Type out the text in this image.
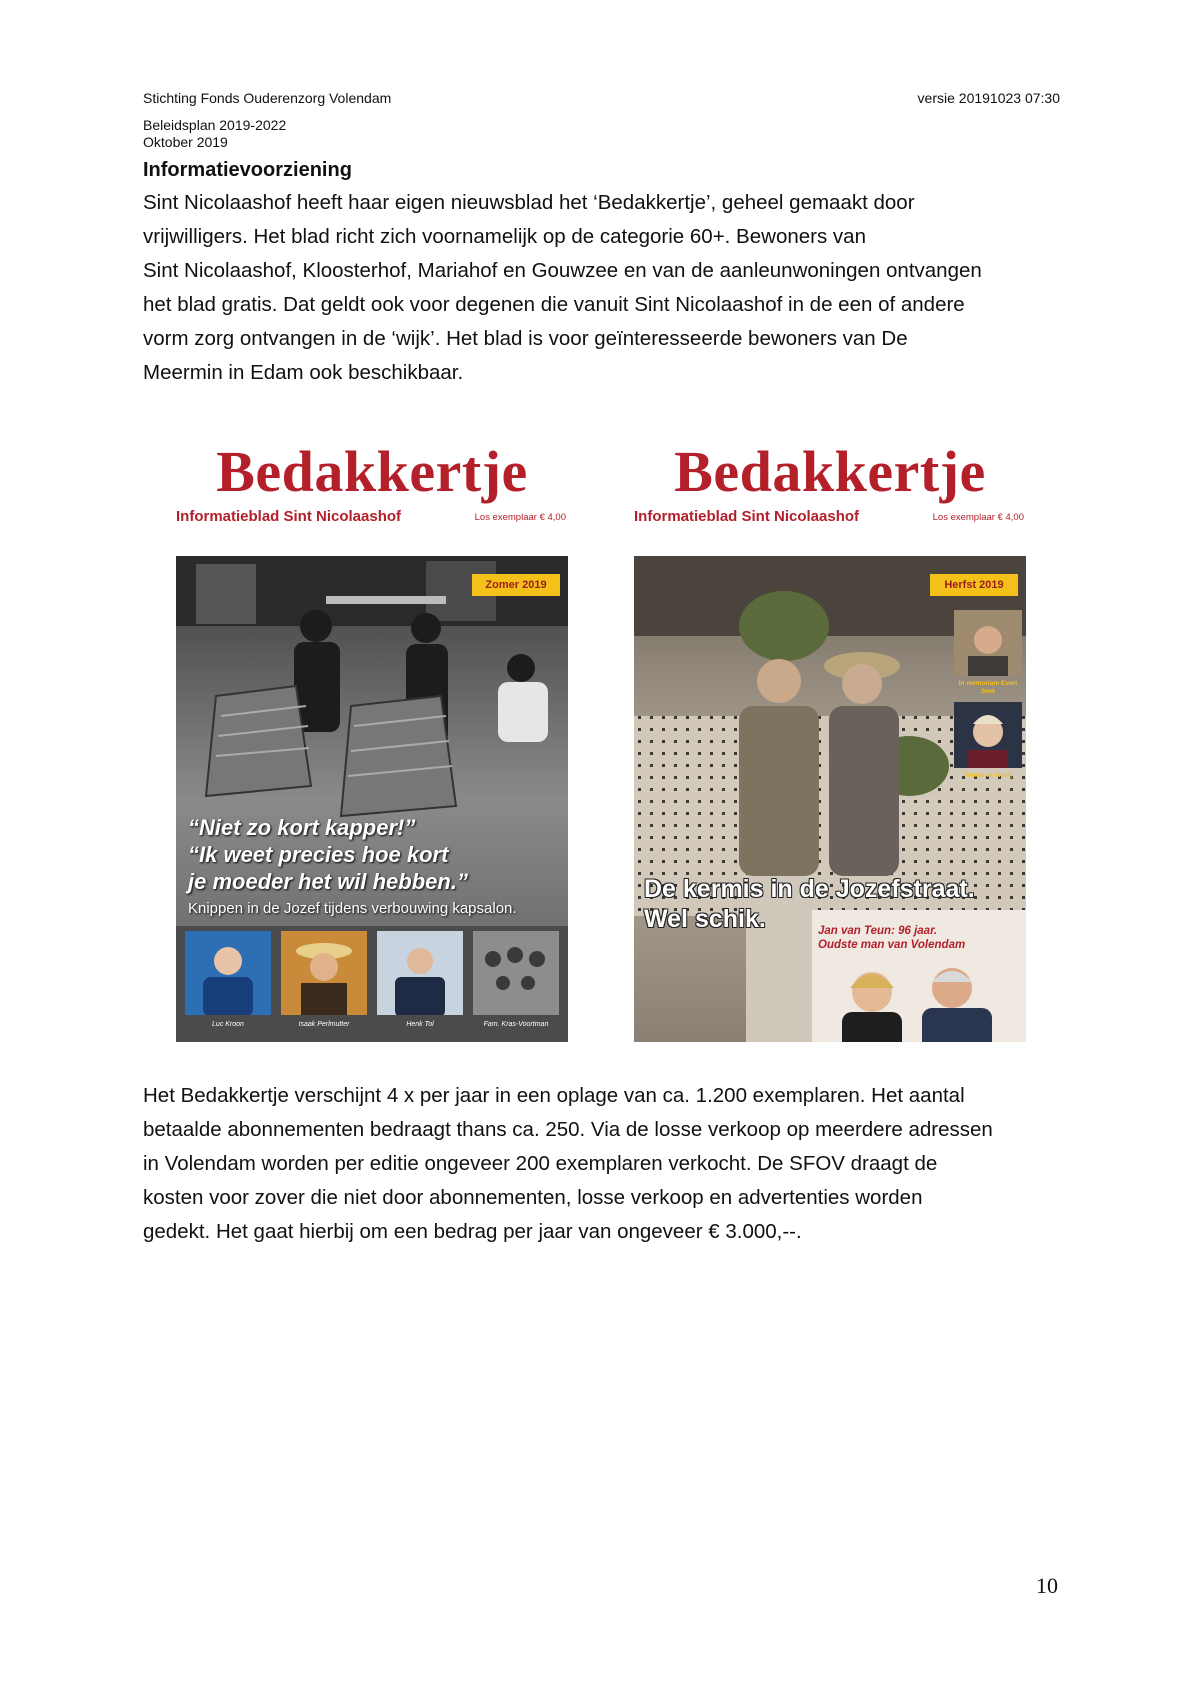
Stichting Fonds Ouderenzorg Volendam	versie 20191023 07:30
Beleidsplan 2019-2022
Oktober 2019
Informatievoorziening

Sint Nicolaashof heeft haar eigen nieuwsblad het ‘Bedakkertje’, geheel gemaakt door

vrijwilligers. Het blad richt zich voornamelijk op de categorie 60+. Bewoners van

Sint Nicolaashof, Kloosterhof, Mariahof en Gouwzee en van de aanleunwoningen ontvangen

het blad gratis. Dat geldt ook voor degenen die vanuit Sint Nicolaashof in de een of andere

vorm zorg ontvangen in de ‘wijk’. Het blad is voor geïnteresseerde bewoners van De

Meermin in Edam ook beschikbaar.

Bedakkertje
Informatieblad Sint Nicolaashof	Los exemplaar € 4,00
Zomer 2019
“Niet zo kort kapper!”
“Ik weet precies hoe kort
je moeder het wil hebben.”
Knippen in de Jozef tijdens verbouwing kapsalon.
Luc Kroon	Isaak Perlmutter	Henk Tol	Fam. Kras-Voortman
Bedakkertje
Informatieblad Sint Nicolaashof	Los exemplaar € 4,00
Herfst 2019
In memoriam Evert Smit
Tineke de Nooij
De kermis in de Jozefstraat.
Wel schik.	Jan van Teun: 96 jaar.
Oudste man van Volendam

Het Bedakkertje verschijnt 4 x per jaar in een oplage van ca. 1.200 exemplaren. Het aantal

betaalde abonnementen bedraagt thans ca. 250. Via de losse verkoop op meerdere adressen

in Volendam worden per editie ongeveer 200 exemplaren verkocht. De SFOV draagt de

kosten voor zover die niet door abonnementen, losse verkoop en advertenties worden

gedekt. Het gaat hierbij om een bedrag per jaar van ongeveer € 3.000,--.

10
